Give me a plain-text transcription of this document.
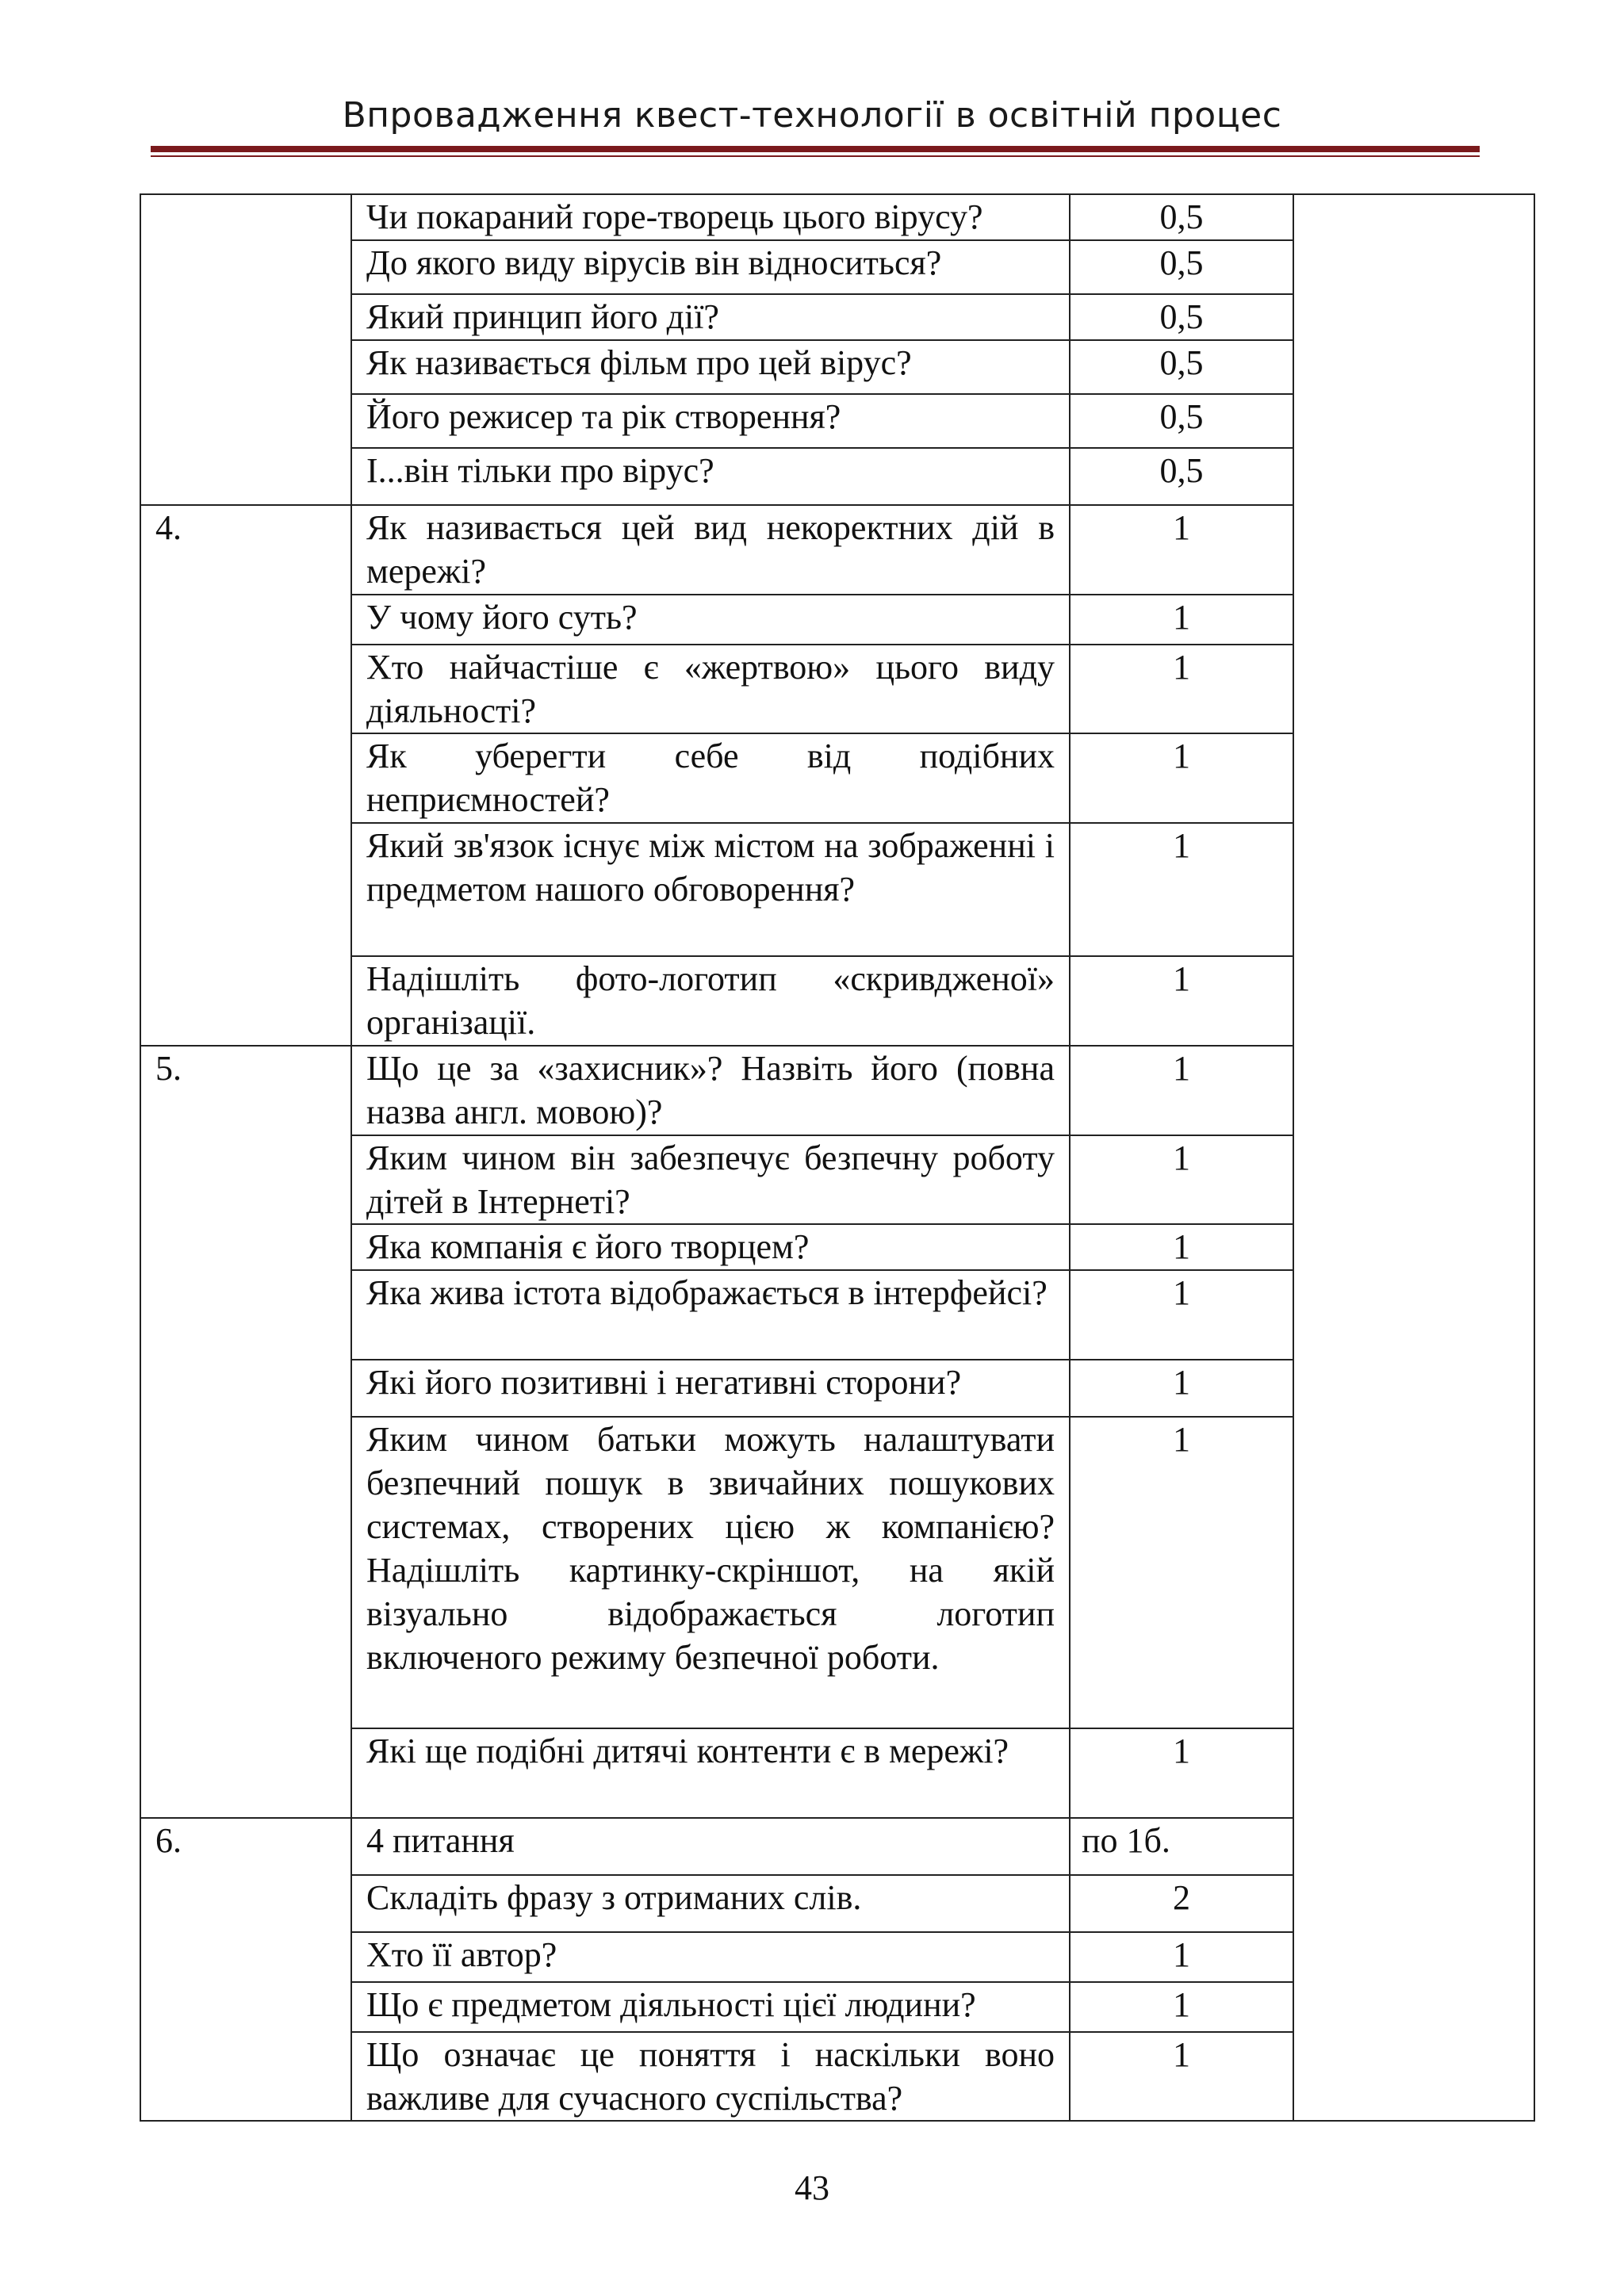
Впровадження квест-технології в освітній процес
	Чи покараний горе-творець цього вірусу?	0,5	
	До якого виду вірусів він відноситься?	0,5	
	Який принцип його дії?	0,5	
	Як називається фільм про цей вірус?	0,5	
	Його режисер та рік створення?	0,5	
	І...він тільки про вірус?	0,5	
4.	Як називається цей вид некоректних дій в мережі?	1	
	У чому його суть?	1	
	Хто найчастіше є «жертвою» цього виду діяльності?	1	
	Як уберегти себе від подібних неприємностей?	1	
	Який зв'язок існує між містом на зображенні і предметом нашого обговорення?	1	
	Надішліть фото-логотип «скривдженої» організації.	1	
5.	Що це за «захисник»? Назвіть його (повна назва англ. мовою)?	1	
	Яким чином він забезпечує безпечну роботу дітей в Інтернеті?	1	
	Яка компанія є його творцем?	1	
	Яка жива істота відображається в інтерфейсі?	1	
	Які його позитивні і негативні сторони?	1	
	Яким чином батьки можуть налаштувати безпечний пошук в звичайних пошукових системах, створених цією ж компанією? Надішліть картинку-скріншот, на якій візуально відображається логотип включеного режиму безпечної роботи.	1	
	Які ще подібні дитячі контенти є в мережі?	1	
6.	4 питання	по 1б.	
	Складіть фразу з отриманих слів.	2	
	Хто її автор?	1	
	Що є предметом діяльності цієї людини?	1	
	Що означає це поняття і наскільки воно важливе для сучасного суспільства?	1	
43
